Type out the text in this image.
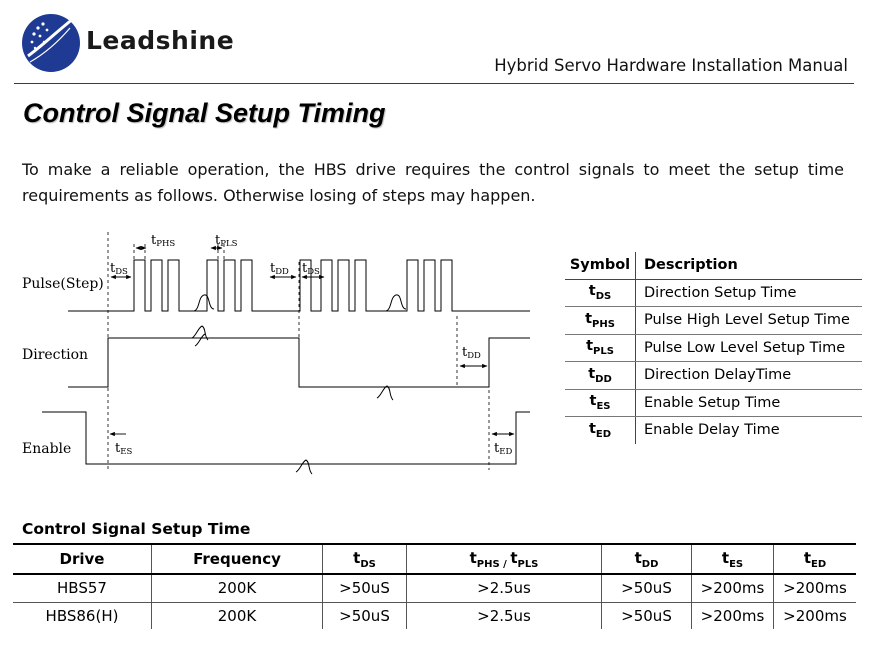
Leadshine
Hybrid Servo Hardware Installation Manual
Control Signal Setup Timing
To make a reliable operation, the HBS drive requires the control signals to meet the setup time requirements as follows. Otherwise losing of steps may happen.
Pulse(Step)
Direction
Enable
tDS
tPHS	tPLS
tDD tDS
tDD
tES	tED
Symbol	Description
$t_{DS}$	Direction Setup Time
$t_{PHS}$	Pulse High Level Setup Time
$t_{PLS}$	Pulse Low Level Setup Time
$t_{DD}$	Direction DelayTime
$t_{ES}$	Enable Setup Time
$t_{ED}$	Enable Delay Time
Control Signal Setup Time
Drive	Frequency	$t_{DS}$	$t_{PHS}$ $_/$ $t_{PLS}$	$t_{DD}$	$t_{ES}$	$t_{ED}$
HBS57	200K	>50uS	>2.5us	>50uS	>200ms	>200ms
HBS86(H)	200K	>50uS	>2.5us	>50uS	>200ms	>200ms
